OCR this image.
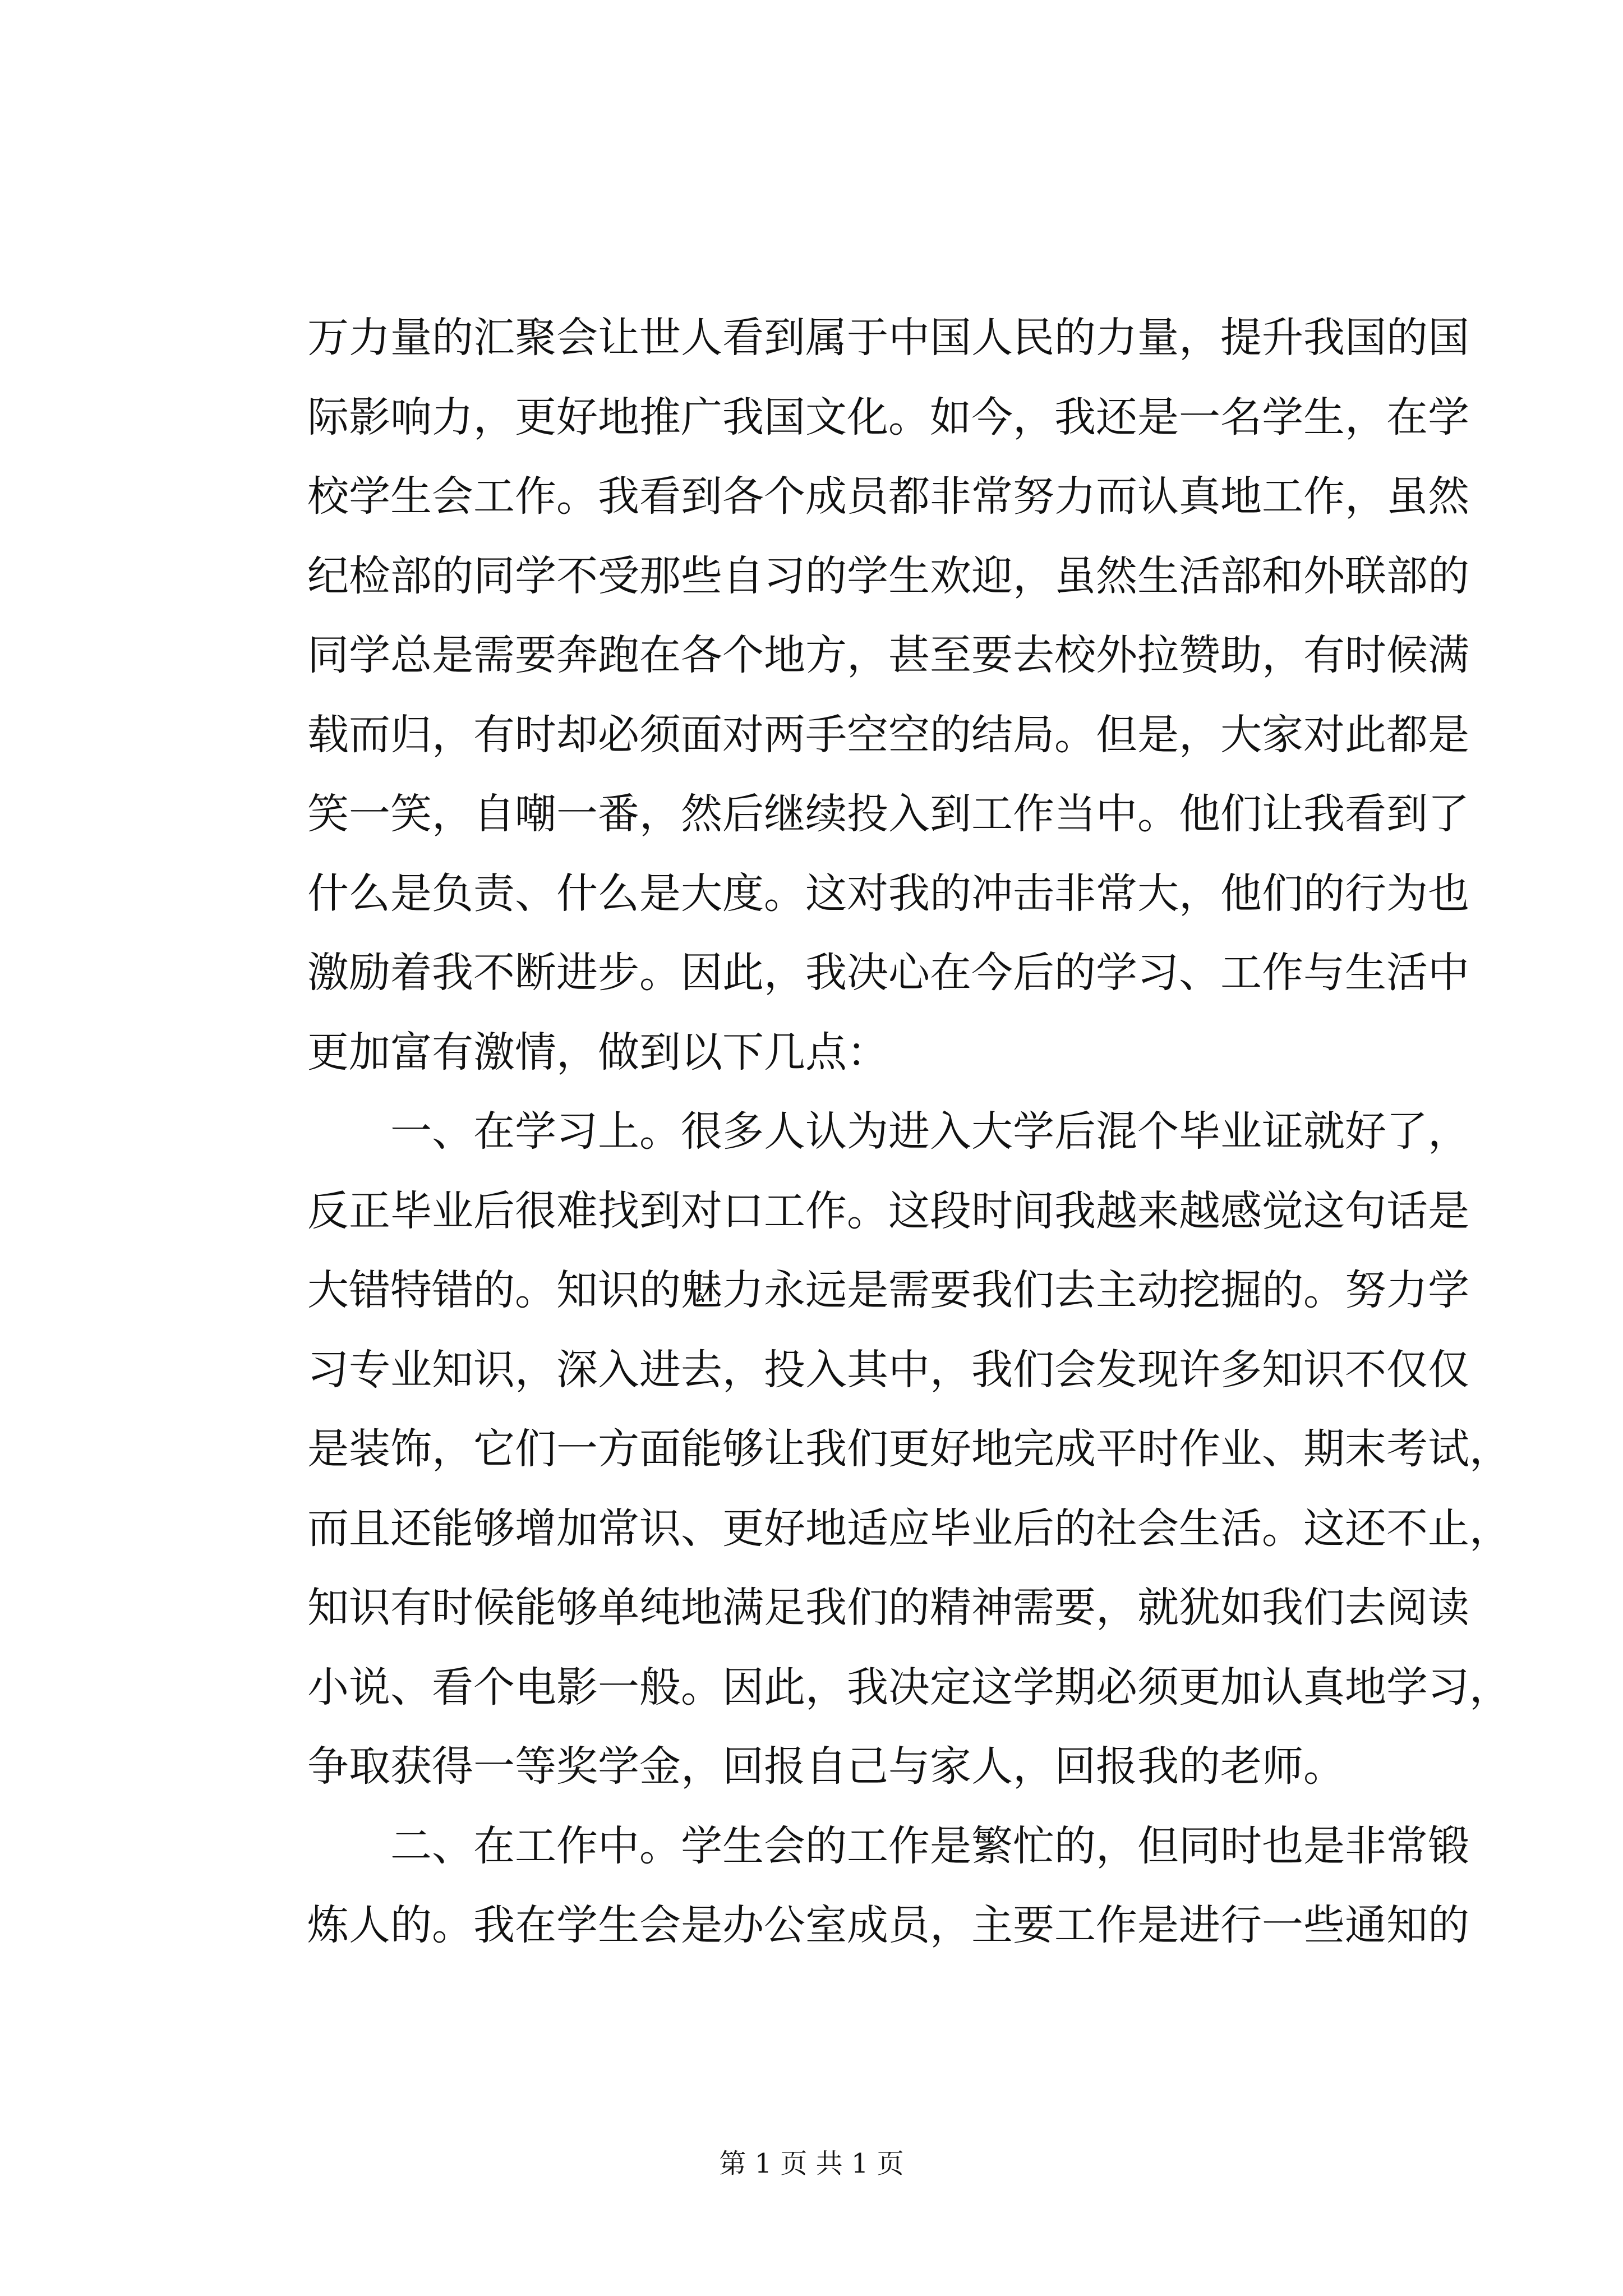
万力量的汇聚会让世人看到属于中国人民的力量，提升我国的国
际影响力，更好地推广我国文化。如今，我还是一名学生，在学
校学生会工作。我看到各个成员都非常努力而认真地工作，虽然
纪检部的同学不受那些自习的学生欢迎，虽然生活部和外联部的
同学总是需要奔跑在各个地方，甚至要去校外拉赞助，有时候满
载而归，有时却必须面对两手空空的结局。但是，大家对此都是
笑一笑，自嘲一番，然后继续投入到工作当中。他们让我看到了
什么是负责、什么是大度。这对我的冲击非常大，他们的行为也
激励着我不断进步。因此，我决心在今后的学习、工作与生活中
更加富有激情，做到以下几点：
一、在学习上。很多人认为进入大学后混个毕业证就好了，
反正毕业后很难找到对口工作。这段时间我越来越感觉这句话是
大错特错的。知识的魅力永远是需要我们去主动挖掘的。努力学
习专业知识，深入进去，投入其中，我们会发现许多知识不仅仅
是装饰，它们一方面能够让我们更好地完成平时作业、期末考试，
而且还能够增加常识、更好地适应毕业后的社会生活。这还不止，
知识有时候能够单纯地满足我们的精神需要，就犹如我们去阅读
小说、看个电影一般。因此，我决定这学期必须更加认真地学习，
争取获得一等奖学金，回报自己与家人，回报我的老师。
二、在工作中。学生会的工作是繁忙的，但同时也是非常锻
炼人的。我在学生会是办公室成员，主要工作是进行一些通知的
第 1 页 共 1 页
